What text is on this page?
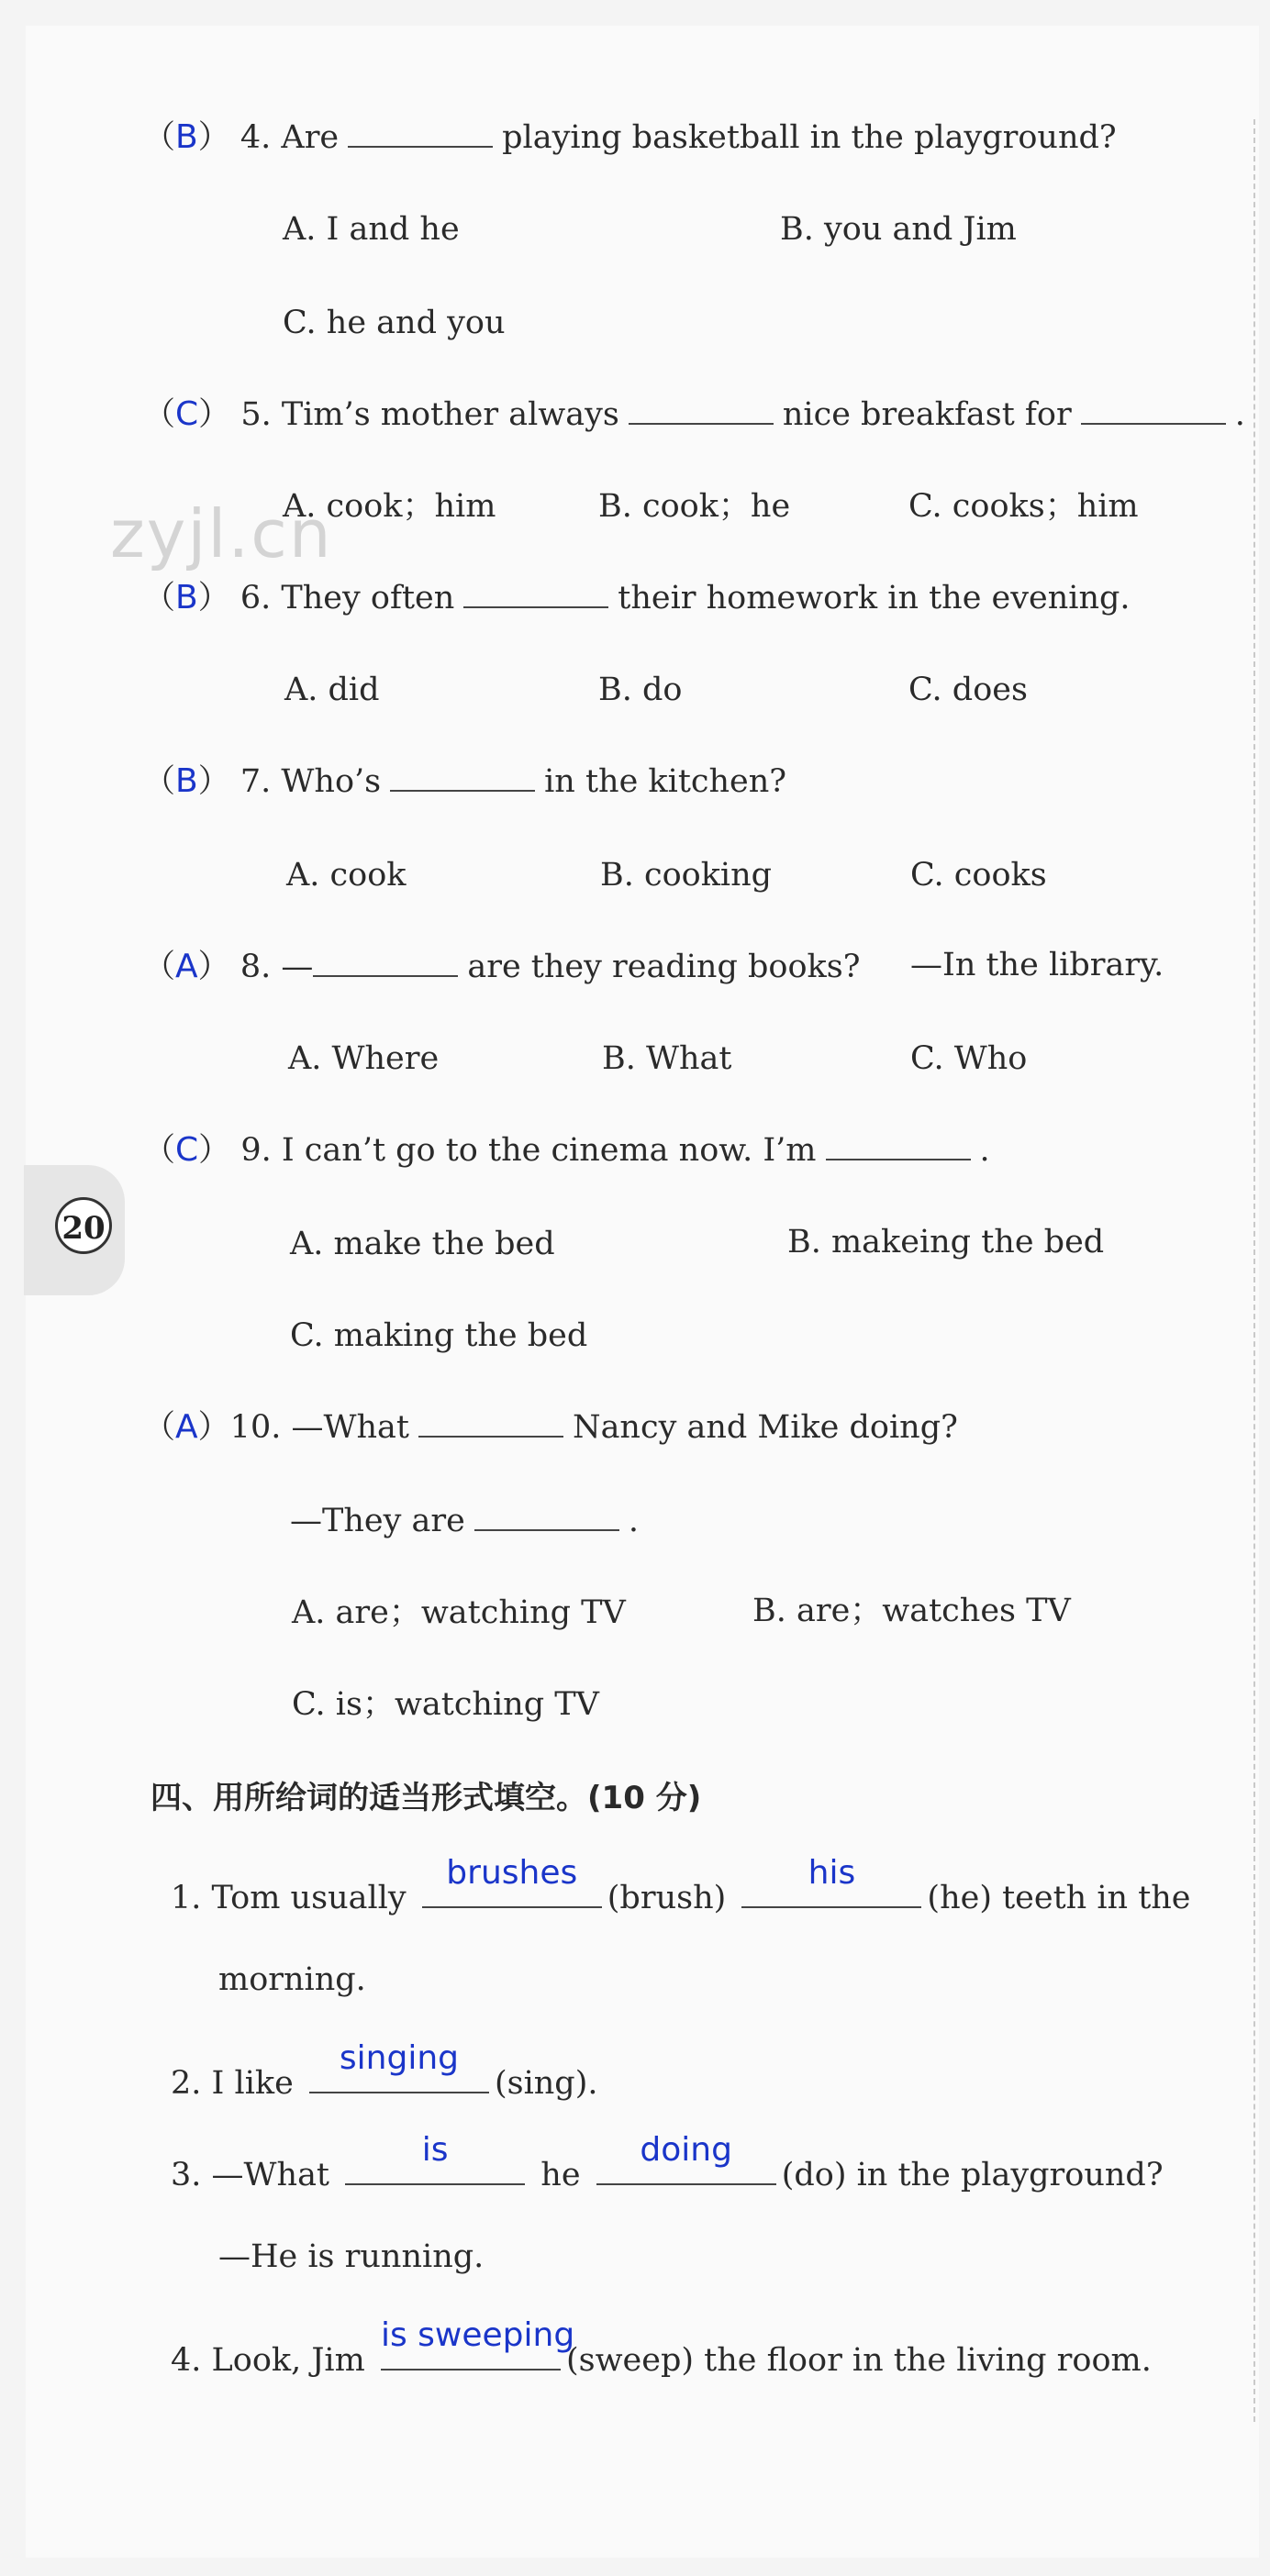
20
zyjl.cn
（B） 4. Are	playing basketball in the playground?
A. I and he	B. you and Jim
C. he and you
（C） 5. Tim’s mother always	nice breakfast for	.
A. cook；him	B. cook；he	C. cooks；him
（B） 6. They often	their homework in the evening.
A. did	B. do	C. does
（B） 7. Who’s	in the kitchen?
A. cook	B. cooking	C. cooks
（A） 8. —	are they reading books? —In the library.
A. Where	B. What	C. Who
（C） 9. I can’t go to the cinema now. I’m	.
A. make the bed	B. makeing the bed
C. making the bed
（A）10. —What	Nancy and Mike doing?
—They are	.
A. are；watching TV	B. are；watches TV
C. is；watching TV
四、用所给词的适当形式填空。(10 分)
1. Tom usually
brushes
(brush)
his
(he) teeth in the
morning.
2. I like
singing
(sing).
3. —What
is
he
doing
(do) in the playground?
—He is running.
4. Look, Jim
is sweeping
(sweep) the floor in the living room.
